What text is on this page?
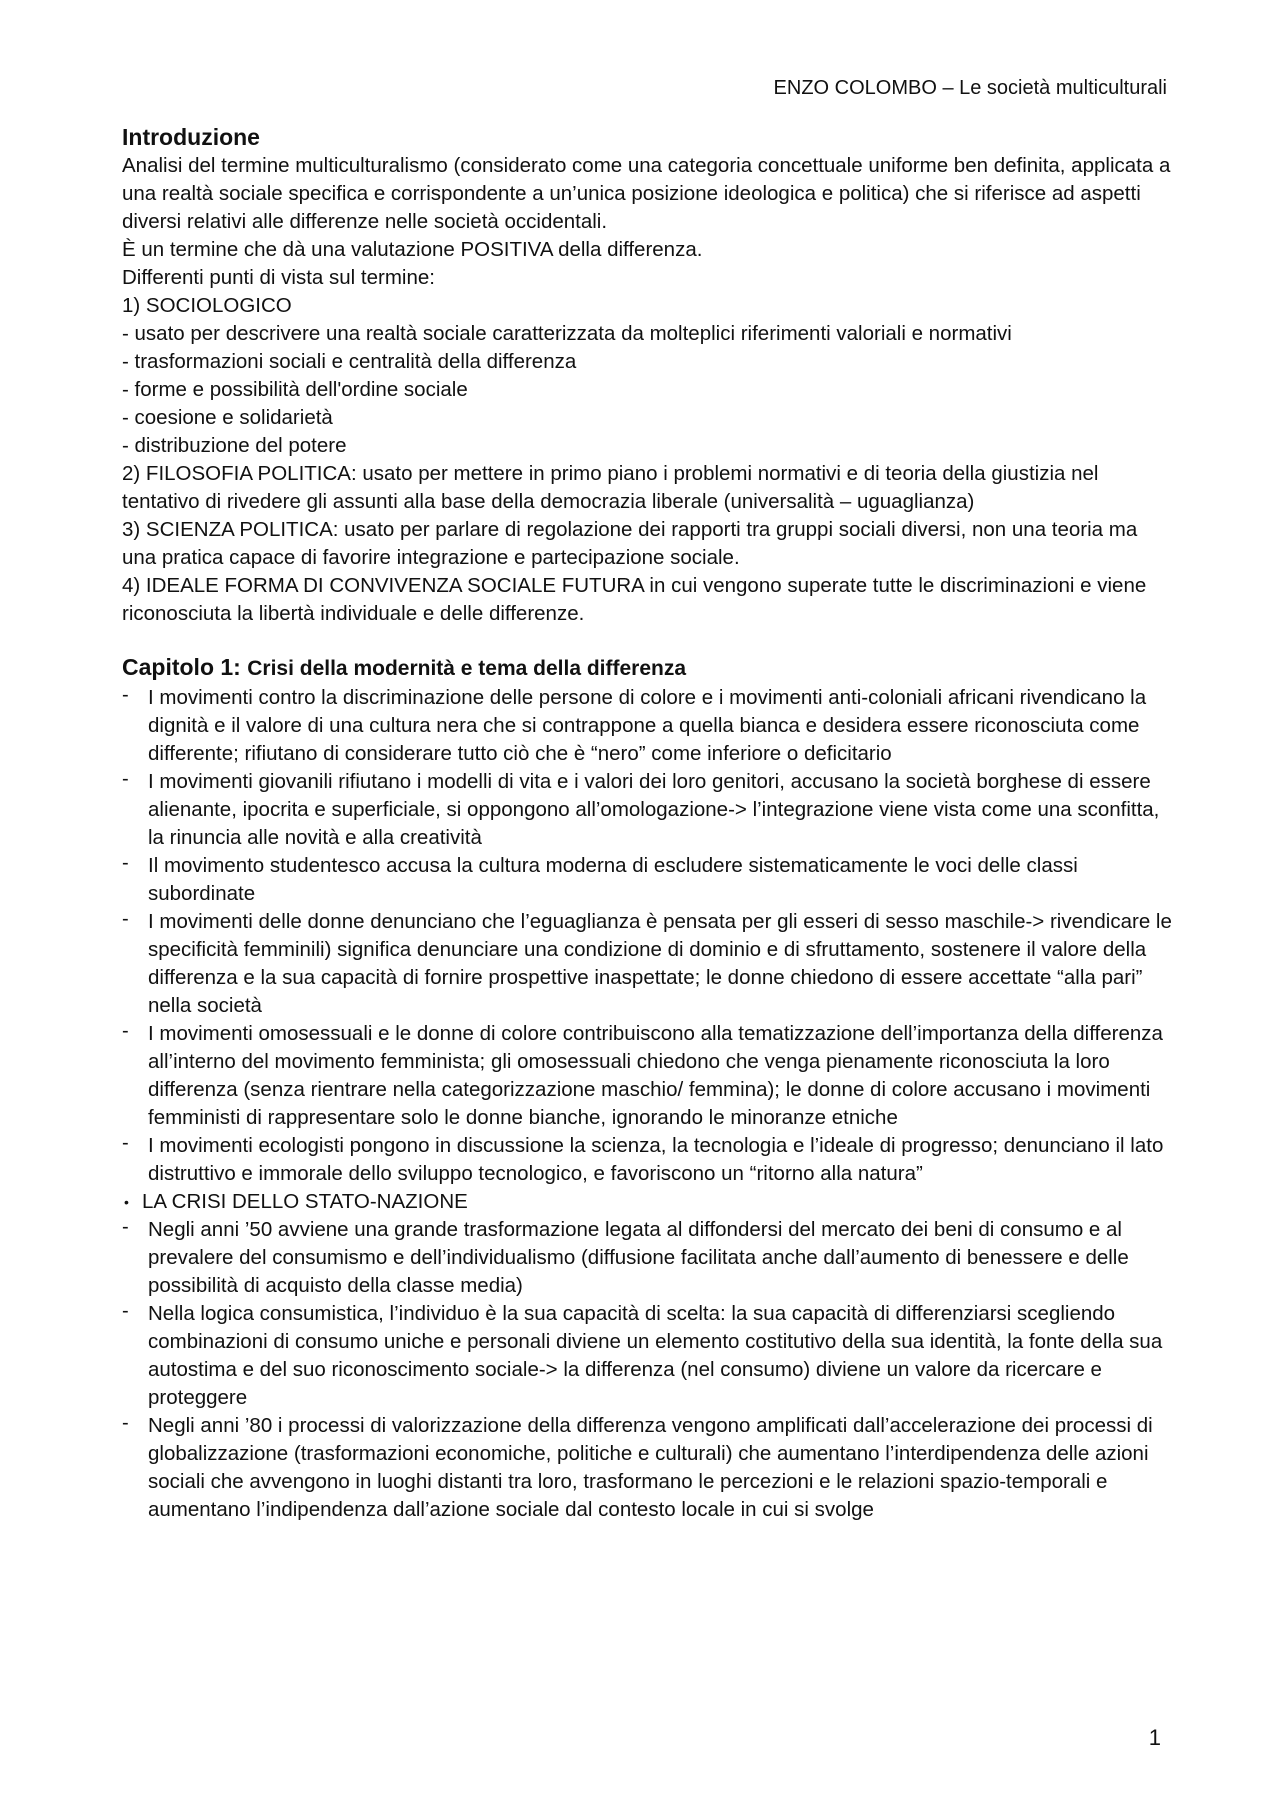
ENZO COLOMBO – Le società multiculturali
Introduzione

Analisi del termine multiculturalismo (considerato come una categoria concettuale uniforme ben definita, applicata a una realtà sociale specifica e corrispondente a un’unica posizione ideologica e politica) che si riferisce ad aspetti diversi relativi alle differenze nelle società occidentali.

È un termine che dà una valutazione POSITIVA della differenza.

Differenti punti di vista sul termine:

1) SOCIOLOGICO

- usato per descrivere una realtà sociale caratterizzata da molteplici riferimenti valoriali e normativi

- trasformazioni sociali e centralità della differenza

- forme e possibilità dell'ordine sociale

- coesione e solidarietà

- distribuzione del potere

2) FILOSOFIA POLITICA: usato per mettere in primo piano i problemi normativi e di teoria della giustizia nel tentativo di rivedere gli assunti alla base della democrazia liberale (universalità – uguaglianza)

3) SCIENZA POLITICA: usato per parlare di regolazione dei rapporti tra gruppi sociali diversi, non una teoria ma una pratica capace di favorire integrazione e partecipazione sociale.

4) IDEALE FORMA DI CONVIVENZA SOCIALE FUTURA in cui vengono superate tutte le discriminazioni e viene riconosciuta la libertà individuale e delle differenze.

Capitolo 1: Crisi della modernità e tema della differenza
- I movimenti contro la discriminazione delle persone di colore e i movimenti anti-coloniali africani rivendicano la dignità e il valore di una cultura nera che si contrappone a quella bianca e desidera essere riconosciuta come differente; rifiutano di considerare tutto ciò che è “nero” come inferiore o deficitario
- I movimenti giovanili rifiutano i modelli di vita e i valori dei loro genitori, accusano la società borghese di essere alienante, ipocrita e superficiale, si oppongono all’omologazione-> l’integrazione viene vista come una sconfitta, la rinuncia alle novità e alla creatività
- Il movimento studentesco accusa la cultura moderna di escludere sistematicamente le voci delle classi subordinate
- I movimenti delle donne denunciano che l’eguaglianza è pensata per gli esseri di sesso maschile-> rivendicare le specificità femminili) significa denunciare una condizione di dominio e di sfruttamento, sostenere il valore della differenza e la sua capacità di fornire prospettive inaspettate; le donne chiedono di essere accettate “alla pari” nella società
- I movimenti omosessuali e le donne di colore contribuiscono alla tematizzazione dell’importanza della differenza all’interno del movimento femminista; gli omosessuali chiedono che venga pienamente riconosciuta la loro differenza (senza rientrare nella categorizzazione maschio/ femmina); le donne di colore accusano i movimenti femministi di rappresentare solo le donne bianche, ignorando le minoranze etniche
- I movimenti ecologisti pongono in discussione la scienza, la tecnologia e l’ideale di progresso; denunciano il lato distruttivo e immorale dello sviluppo tecnologico, e favoriscono un “ritorno alla natura”
• LA CRISI DELLO STATO-NAZIONE
- Negli anni ’50 avviene una grande trasformazione legata al diffondersi del mercato dei beni di consumo e al prevalere del consumismo e dell’individualismo (diffusione facilitata anche dall’aumento di benessere e delle possibilità di acquisto della classe media)
- Nella logica consumistica, l’individuo è la sua capacità di scelta: la sua capacità di differenziarsi scegliendo combinazioni di consumo uniche e personali diviene un elemento costitutivo della sua identità, la fonte della sua autostima e del suo riconoscimento sociale-> la differenza (nel consumo) diviene un valore da ricercare e proteggere
- Negli anni ’80 i processi di valorizzazione della differenza vengono amplificati dall’accelerazione dei processi di globalizzazione (trasformazioni economiche, politiche e culturali) che aumentano l’interdipendenza delle azioni sociali che avvengono in luoghi distanti tra loro, trasformano le percezioni e le relazioni spazio-temporali e aumentano l’indipendenza dall’azione sociale dal contesto locale in cui si svolge
1
